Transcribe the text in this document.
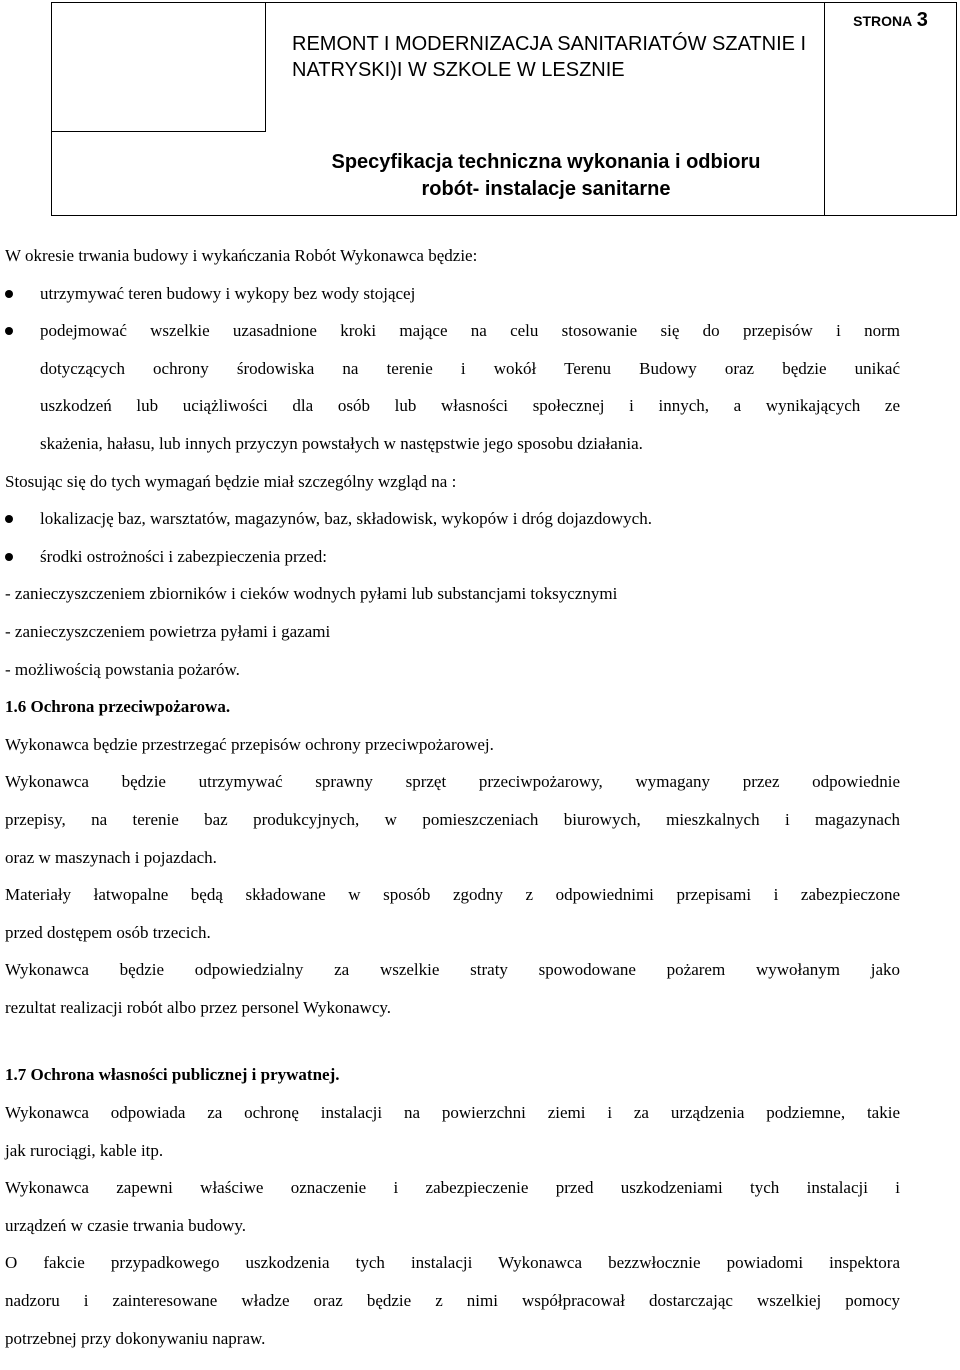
STRONA 3
REMONT I MODERNIZACJA SANITARIATÓW SZATNIE I
NATRYSKI)I W SZKOLE W LESZNIE
Specyfikacja techniczna wykonania i odbioru
robót- instalacje sanitarne

W okresie trwania budowy i wykańczania Robót Wykonawca będzie:

utrzymywać teren budowy i wykopy bez wody stojącej

podejmować wszelkie uzasadnione kroki mające na celu stosowanie się do przepisów i norm

dotyczących ochrony środowiska na terenie i wokół Terenu Budowy oraz będzie unikać

uszkodzeń lub uciążliwości dla osób lub własności społecznej i innych, a wynikających ze

skażenia, hałasu, lub innych przyczyn powstałych w następstwie jego sposobu działania.

Stosując się do tych wymagań będzie miał szczególny wzgląd na :

lokalizację baz, warsztatów, magazynów, baz, składowisk, wykopów i dróg dojazdowych.

środki ostrożności i zabezpieczenia przed:

- zanieczyszczeniem zbiorników i cieków wodnych pyłami lub substancjami toksycznymi

- zanieczyszczeniem powietrza pyłami i gazami

- możliwością powstania pożarów.

1.6 Ochrona przeciwpożarowa.

Wykonawca będzie przestrzegać przepisów ochrony przeciwpożarowej.

Wykonawca będzie utrzymywać sprawny sprzęt przeciwpożarowy, wymagany przez odpowiednie

przepisy, na terenie baz produkcyjnych, w pomieszczeniach biurowych, mieszkalnych i magazynach

oraz w maszynach i pojazdach.

Materiały łatwopalne będą składowane w sposób zgodny z odpowiednimi przepisami i zabezpieczone

przed dostępem osób trzecich.

Wykonawca będzie odpowiedzialny za wszelkie straty spowodowane pożarem wywołanym jako

rezultat realizacji robót albo przez personel Wykonawcy.

1.7 Ochrona własności publicznej i prywatnej.

Wykonawca odpowiada za ochronę instalacji na powierzchni ziemi i za urządzenia podziemne, takie

jak rurociągi, kable itp.

Wykonawca zapewni właściwe oznaczenie i zabezpieczenie przed uszkodzeniami tych instalacji i

urządzeń w czasie trwania budowy.

O fakcie przypadkowego uszkodzenia tych instalacji Wykonawca bezzwłocznie powiadomi inspektora

nadzoru i zainteresowane władze oraz będzie z nimi współpracował dostarczając wszelkiej pomocy

potrzebnej przy dokonywaniu napraw.
